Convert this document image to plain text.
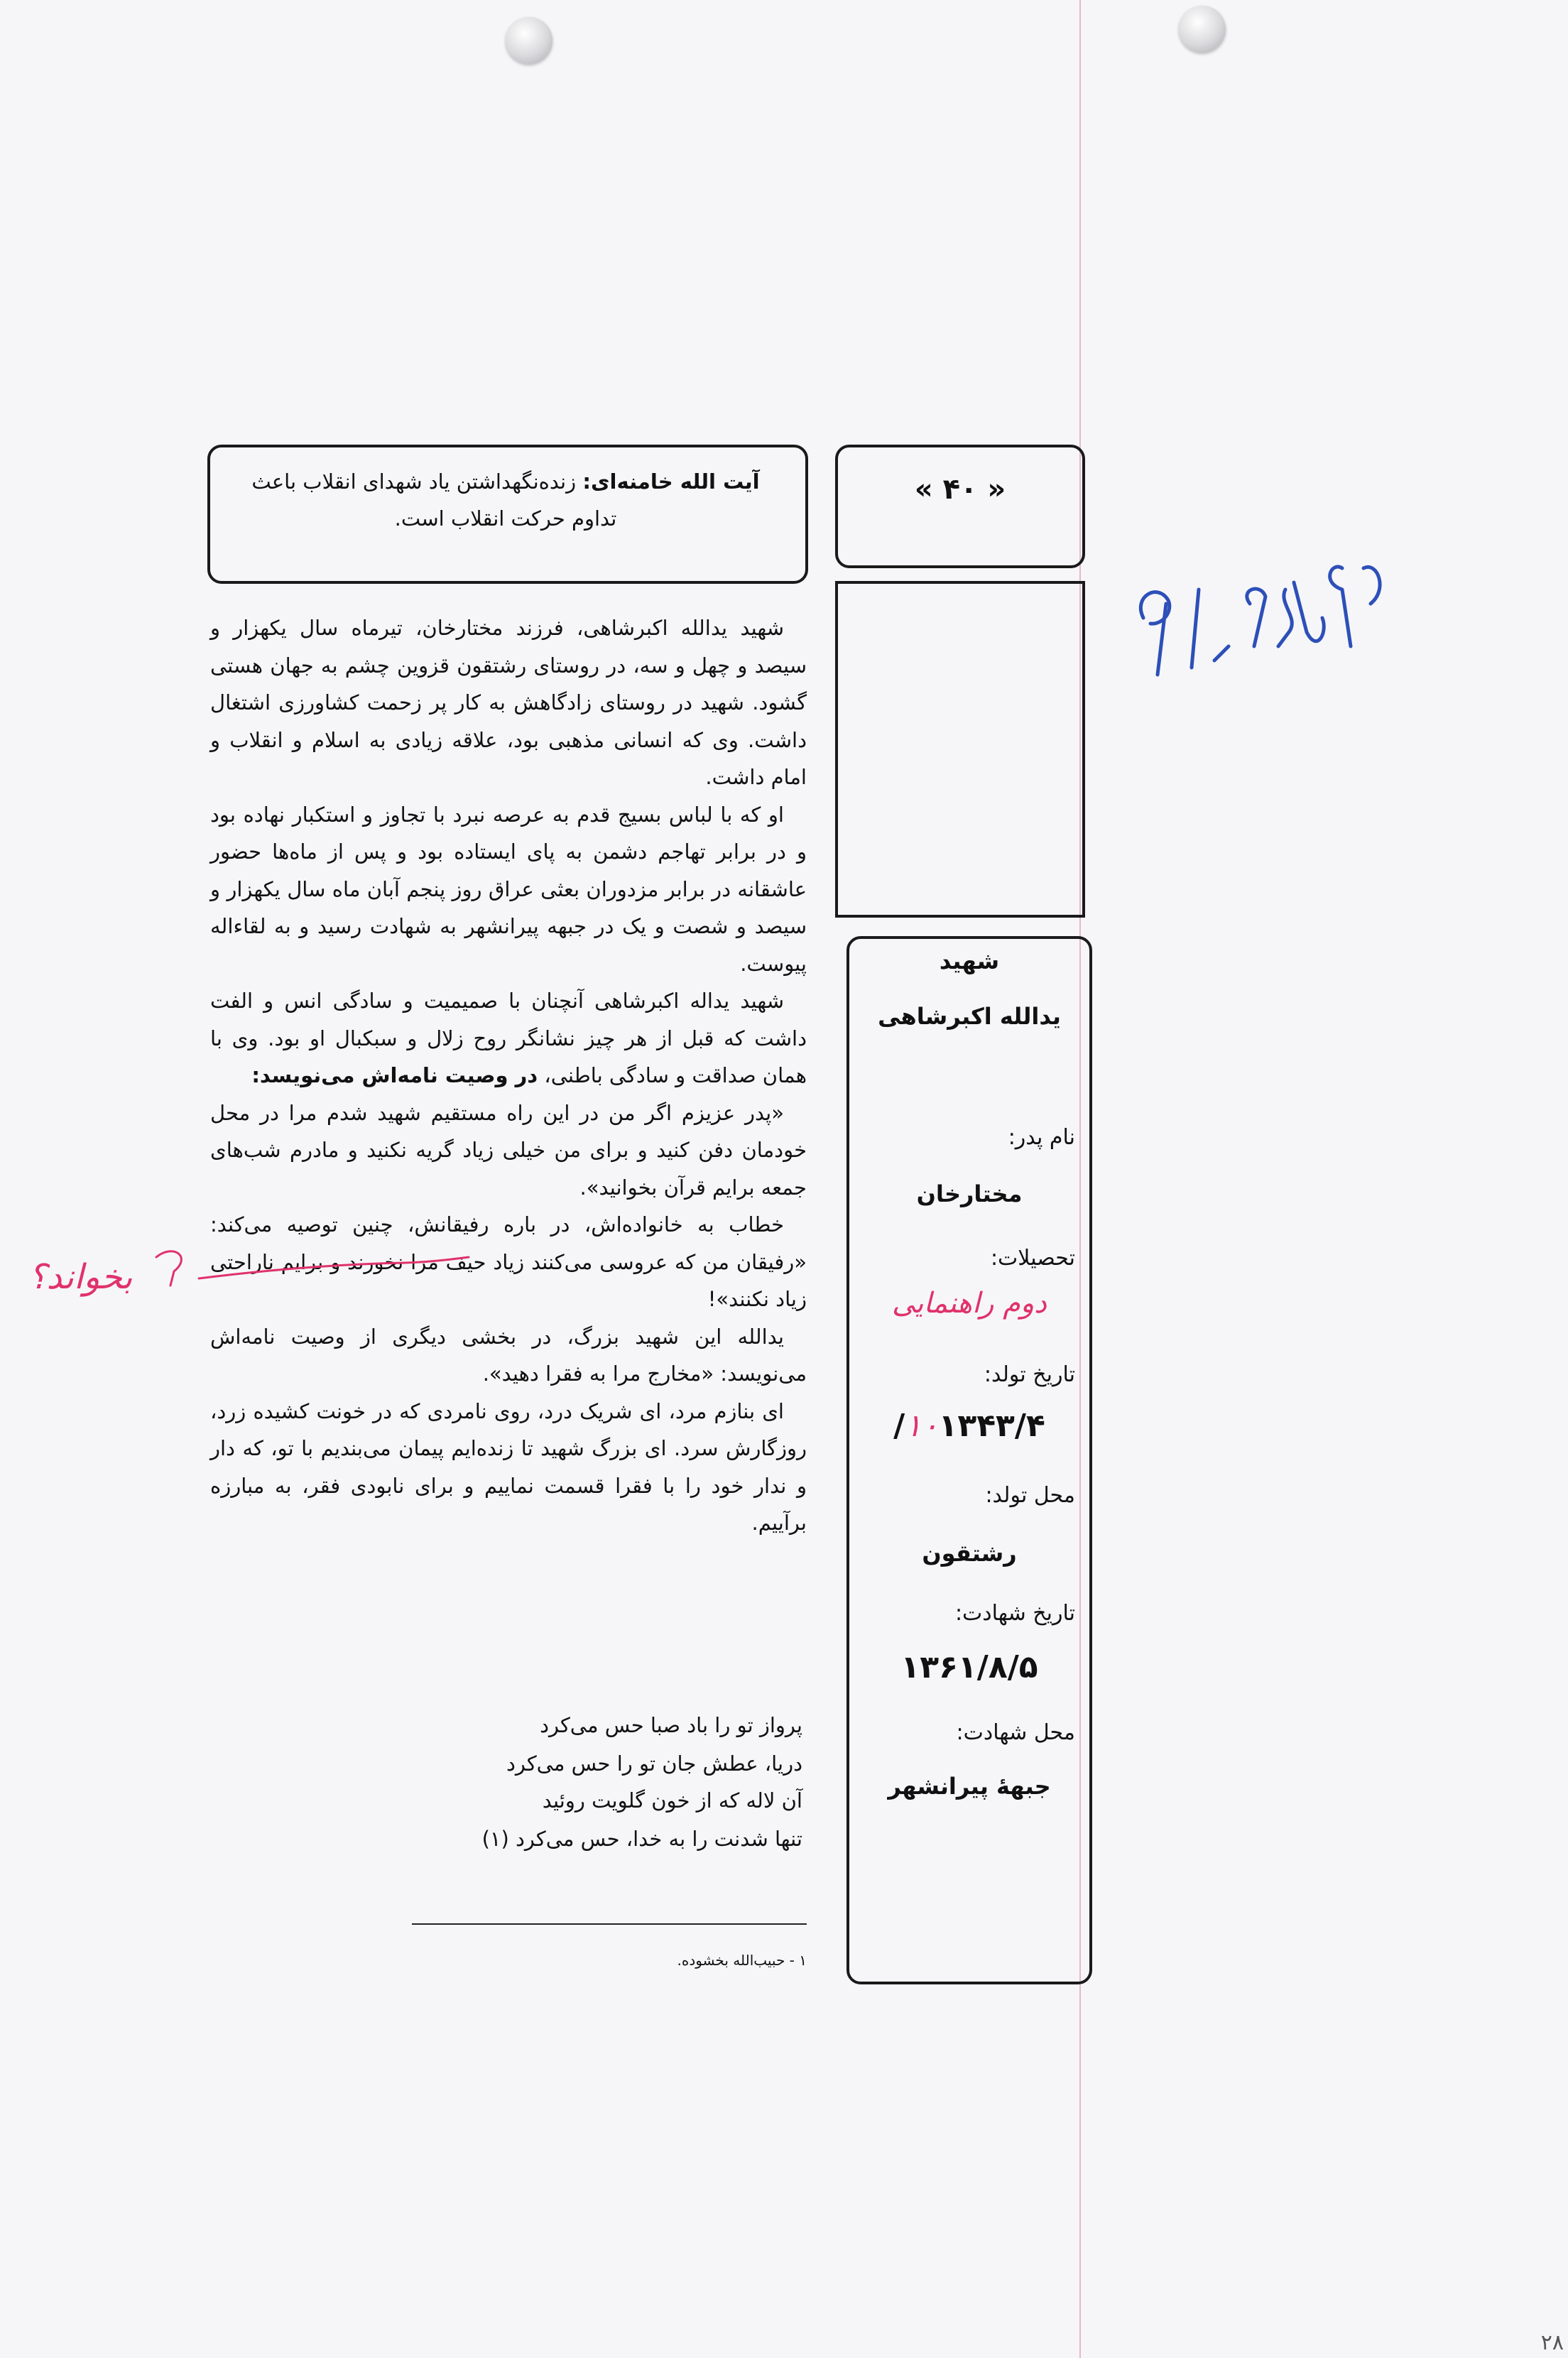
آیت الله خامنه‌ای: زنده‌نگهداشتن یاد شهدای انقلاب باعث تداوم حرکت انقلاب است.
« ۴۰ »

شهید یدالله اکبرشاهی، فرزند مختارخان، تیرماه سال یکهزار و سیصد و چهل و سه، در روستای رشتقون قزوین چشم به جهان هستی گشود. شهید در روستای زادگاهش به کار پر زحمت کشاورزی اشتغال داشت. وی که انسانی مذهبی بود، علاقه زیادی به اسلام و انقلاب و امام داشت.

او که با لباس بسیج قدم به عرصه نبرد با تجاوز و استکبار نهاده بود و در برابر تهاجم دشمن به پای ایستاده بود و پس از ماه‌ها حضور عاشقانه در برابر مزدوران بعثی عراق روز پنجم آبان ماه سال یکهزار و سیصد و شصت و یک در جبهه پیرانشهر به شهادت رسید و به لقاءاله پیوست.

شهید یداله اکبرشاهی آنچنان با صمیمیت و سادگی انس و الفت داشت که قبل از هر چیز نشانگر روح زلال و سبکبال او بود. وی با همان صداقت و سادگی باطنی، در وصیت نامه‌اش می‌نویسد:

«پدر عزیزم اگر من در این راه مستقیم شهید شدم مرا در محل خودمان دفن کنید و برای من خیلی زیاد گریه نکنید و مادرم شب‌های جمعه برایم قرآن بخوانید».

خطاب به خانواده‌اش، در باره رفیقانش، چنین توصیه می‌کند: «رفیقان من که عروسی می‌کنند زیاد حیف مرا نخورند و برایم ناراحتی زیاد نکنند»!

یدالله این شهید بزرگ، در بخشی دیگری از وصیت نامه‌اش می‌نویسد: «مخارج مرا به فقرا دهید».

ای بنازم مرد، ای شریک درد، روی نامردی که در خونت کشیده زرد، روزگارش سرد. ای بزرگ شهید تا زنده‌ایم پیمان می‌بندیم با تو، که دار و ندار خود را با فقرا قسمت نماییم و برای نابودی فقر، به مبارزه برآییم.

بخواند؟
پرواز تو را باد صبا حس می‌کرد
دریا، عطش جان تو را حس می‌کرد
آن لاله که از خون گلویت روئید
تنها شدنت را به خدا، حس می‌کرد (۱)
۱ - حبیب‌الله بخشوده.
شهید
یدالله اکبرشاهی
نام پدر:
مختارخان
تحصیلات:
دوم راهنمایی
تاریخ تولد:
۱۰۱۳۴۳/۴/
محل تولد:
رشتقون
تاریخ شهادت:
۱۳۶۱/۸/۵
محل شهادت:
جبههٔ پیرانشهر
۲۸
